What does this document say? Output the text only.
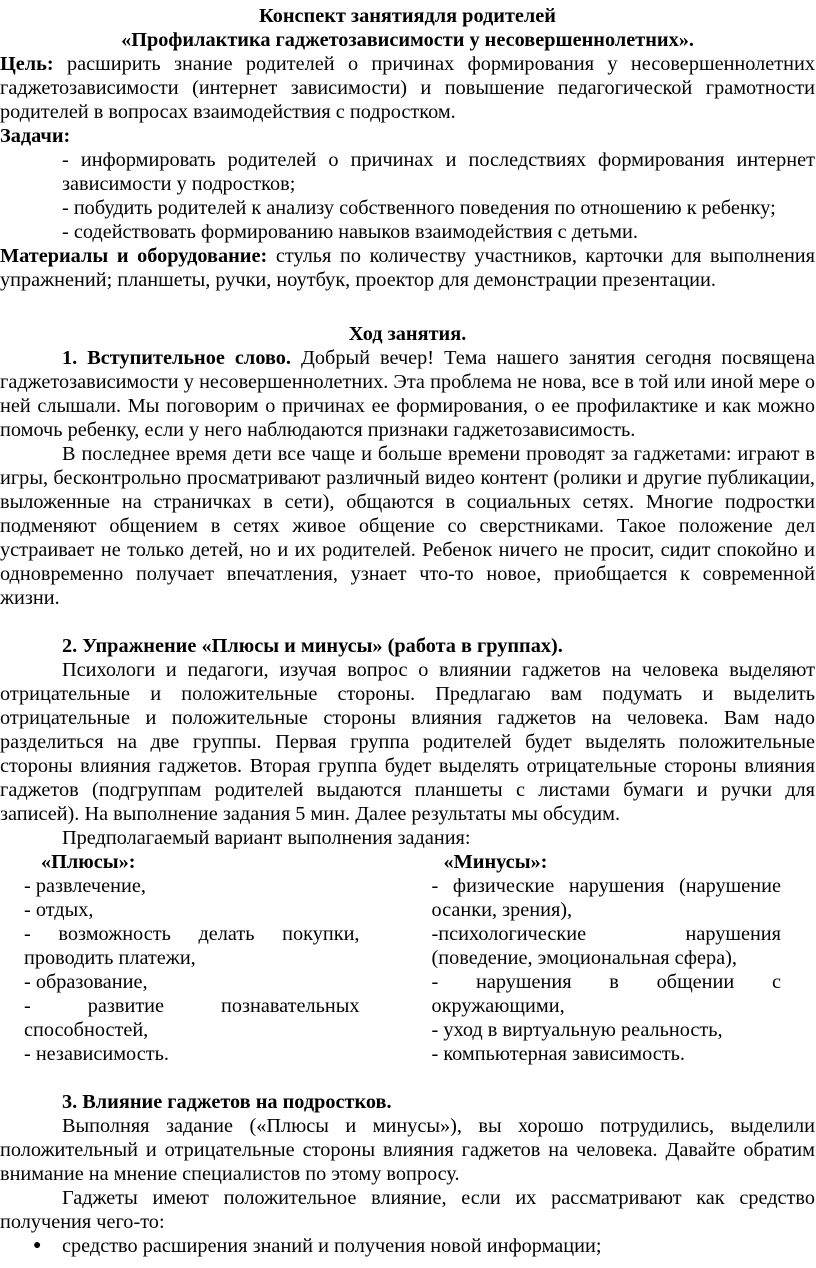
Конспект занятиядля родителей

«Профилактика гаджетозависимости у несовершеннолетних».

Цель: расширить знание родителей о причинах формирования у несовершеннолетних гаджетозависимости (интернет зависимости) и повышение педагогической грамотности родителей в вопросах взаимодействия с подростком.

Задачи:

- информировать родителей о причинах и последствиях формирования интернет зависимости у подростков;

- побудить родителей к анализу собственного поведения по отношению к ребенку;

- содействовать формированию навыков взаимодействия с детьми.

Материалы и оборудование: стулья по количеству участников, карточки для выполнения упражнений; планшеты, ручки, ноутбук, проектор для демонстрации презентации.

Ход занятия.

1. Вступительное слово. Добрый вечер! Тема нашего занятия сегодня посвящена гаджетозависимости у несовершеннолетних. Эта проблема не нова, все в той или иной мере о ней слышали. Мы поговорим о причинах ее формирования, о ее профилактике и как можно помочь ребенку, если у него наблюдаются признаки гаджетозависимость.

В последнее время дети все чаще и больше времени проводят за гаджетами: играют в игры, бесконтрольно просматривают различный видео контент (ролики и другие публикации, выложенные на страничках в сети), общаются в социальных сетях. Многие подростки подменяют общением в сетях живое общение со сверстниками. Такое положение дел устраивает не только детей, но и их родителей. Ребенок ничего не просит, сидит спокойно и одновременно получает впечатления, узнает что-то новое, приобщается к современной жизни.

2. Упражнение «Плюсы и минусы» (работа в группах).

Психологи и педагоги, изучая вопрос о влиянии гаджетов на человека выделяют отрицательные и положительные стороны. Предлагаю вам подумать и выделить отрицательные и положительные стороны влияния гаджетов на человека. Вам надо разделиться на две группы. Первая группа родителей будет выделять положительные стороны влияния гаджетов. Вторая группа будет выделять отрицательные стороны влияния гаджетов (подгруппам родителей выдаются планшеты с листами бумаги и ручки для записей). На выполнение задания 5 мин. Далее результаты мы обсудим.

Предполагаемый вариант выполнения задания:

«Плюсы»:

- развлечение,

- отдых,

- возможность делать покупки, проводить платежи,

- образование,

- развитие познавательных способностей,

- независимость.

«Минусы»:

- физические нарушения (нарушение осанки, зрения),

-психологические нарушения (поведение, эмоциональная сфера),

- нарушения в общении с окружающими,

- уход в виртуальную реальность,

- компьютерная зависимость.

3. Влияние гаджетов на подростков.

Выполняя задание («Плюсы и минусы»), вы хорошо потрудились, выделили положительный и отрицательные стороны влияния гаджетов на человека. Давайте обратим внимание на мнение специалистов по этому вопросу.

Гаджеты имеют положительное влияние, если их рассматривают как средство получения чего-то:

● средство расширения знаний и получения новой информации;
